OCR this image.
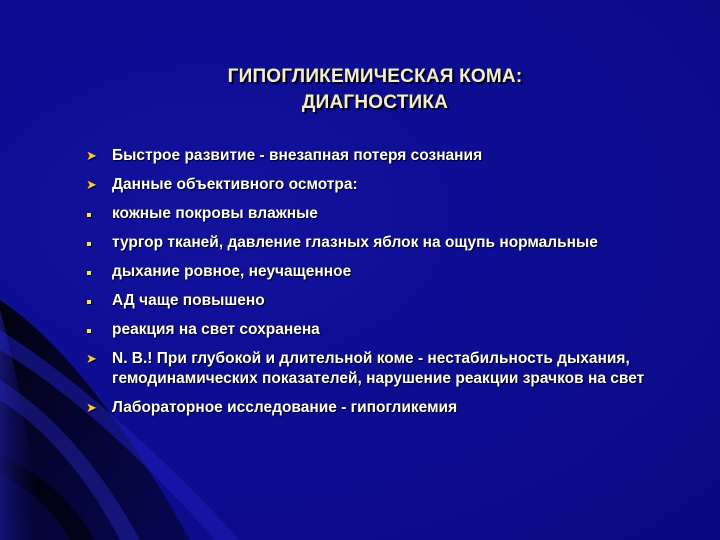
ГИПОГЛИКЕМИЧЕСКАЯ КОМА:
ДИАГНОСТИКА
➤ Быстрое развитие - внезапная потеря сознания
➤ Данные объективного осмотра:
кожные покровы влажные
тургор тканей, давление глазных яблок на ощупь нормальные
дыхание ровное, неучащенное
АД чаще повышено
реакция на свет сохранена
➤ N. B.! При глубокой и длительной коме - нестабильность дыхания, гемодинамических показателей, нарушение реакции зрачков на свет
➤ Лабораторное исследование - гипогликемия
